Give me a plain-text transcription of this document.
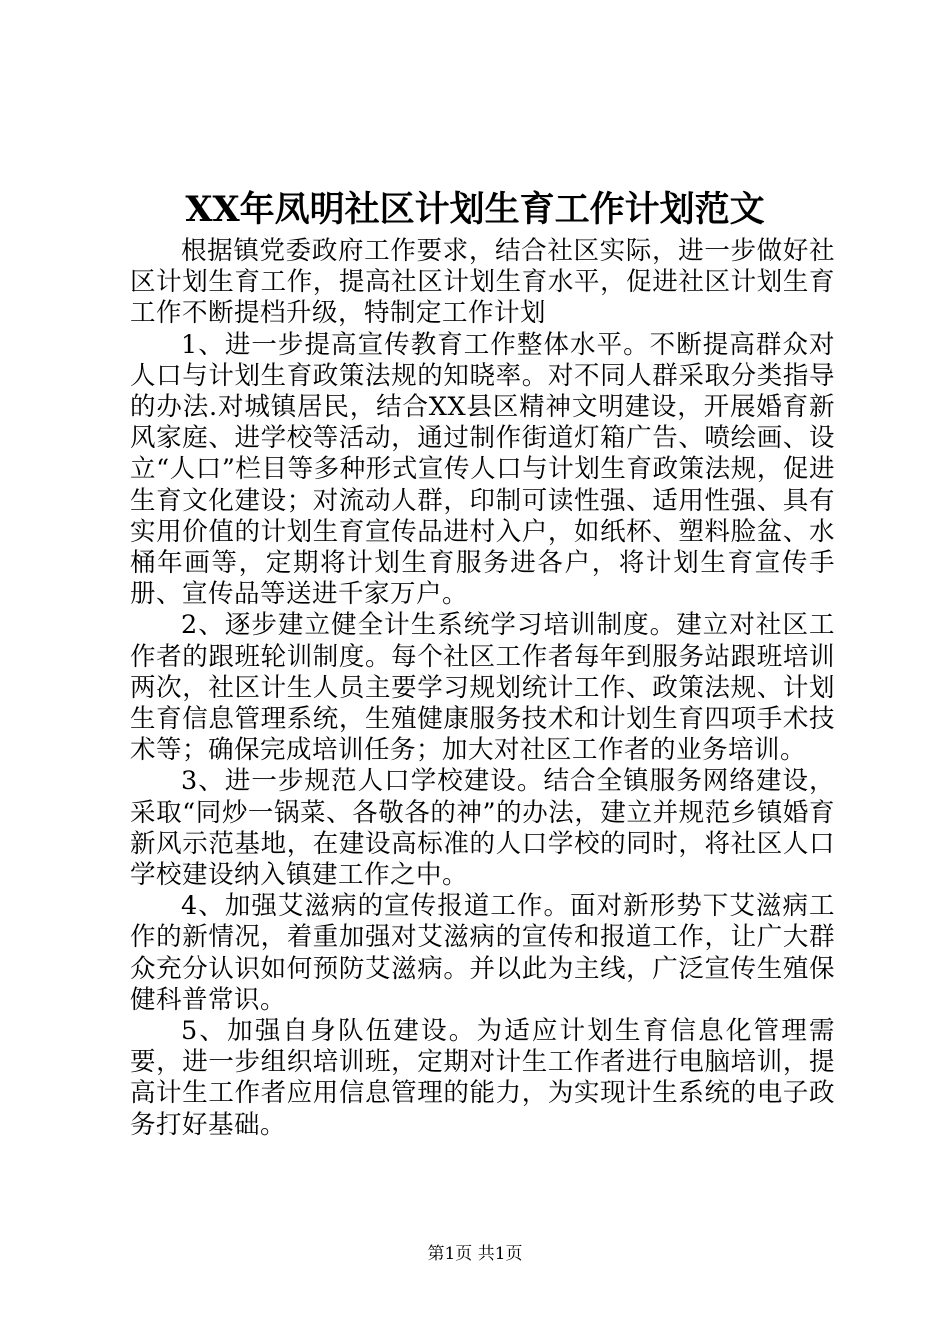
XX年凤明社区计划生育工作计划范文

根据镇党委政府工作要求，结合社区实际，进一步做好社区计划生育工作，提高社区计划生育水平，促进社区计划生育工作不断提档升级，特制定工作计划

1、进一步提高宣传教育工作整体水平。不断提高群众对人口与计划生育政策法规的知晓率。对不同人群采取分类指导的办法.对城镇居民，结合XX县区精神文明建设，开展婚育新风家庭、进学校等活动，通过制作街道灯箱广告、喷绘画、设立“人口”栏目等多种形式宣传人口与计划生育政策法规，促进生育文化建设；对流动人群，印制可读性强、适用性强、具有实用价值的计划生育宣传品进村入户，如纸杯、塑料脸盆、水桶年画等，定期将计划生育服务进各户，将计划生育宣传手册、宣传品等送进千家万户。

2、逐步建立健全计生系统学习培训制度。建立对社区工作者的跟班轮训制度。每个社区工作者每年到服务站跟班培训两次，社区计生人员主要学习规划统计工作、政策法规、计划生育信息管理系统，生殖健康服务技术和计划生育四项手术技术等；确保完成培训任务；加大对社区工作者的业务培训。

3、进一步规范人口学校建设。结合全镇服务网络建设，采取“同炒一锅菜、各敬各的神”的办法，建立并规范乡镇婚育新风示范基地，在建设高标准的人口学校的同时，将社区人口学校建设纳入镇建工作之中。

4、加强艾滋病的宣传报道工作。面对新形势下艾滋病工作的新情况，着重加强对艾滋病的宣传和报道工作，让广大群众充分认识如何预防艾滋病。并以此为主线，广泛宣传生殖保健科普常识。

5、加强自身队伍建设。为适应计划生育信息化管理需要，进一步组织培训班，定期对计生工作者进行电脑培训，提高计生工作者应用信息管理的能力，为实现计生系统的电子政务打好基础。

第1页 共1页
